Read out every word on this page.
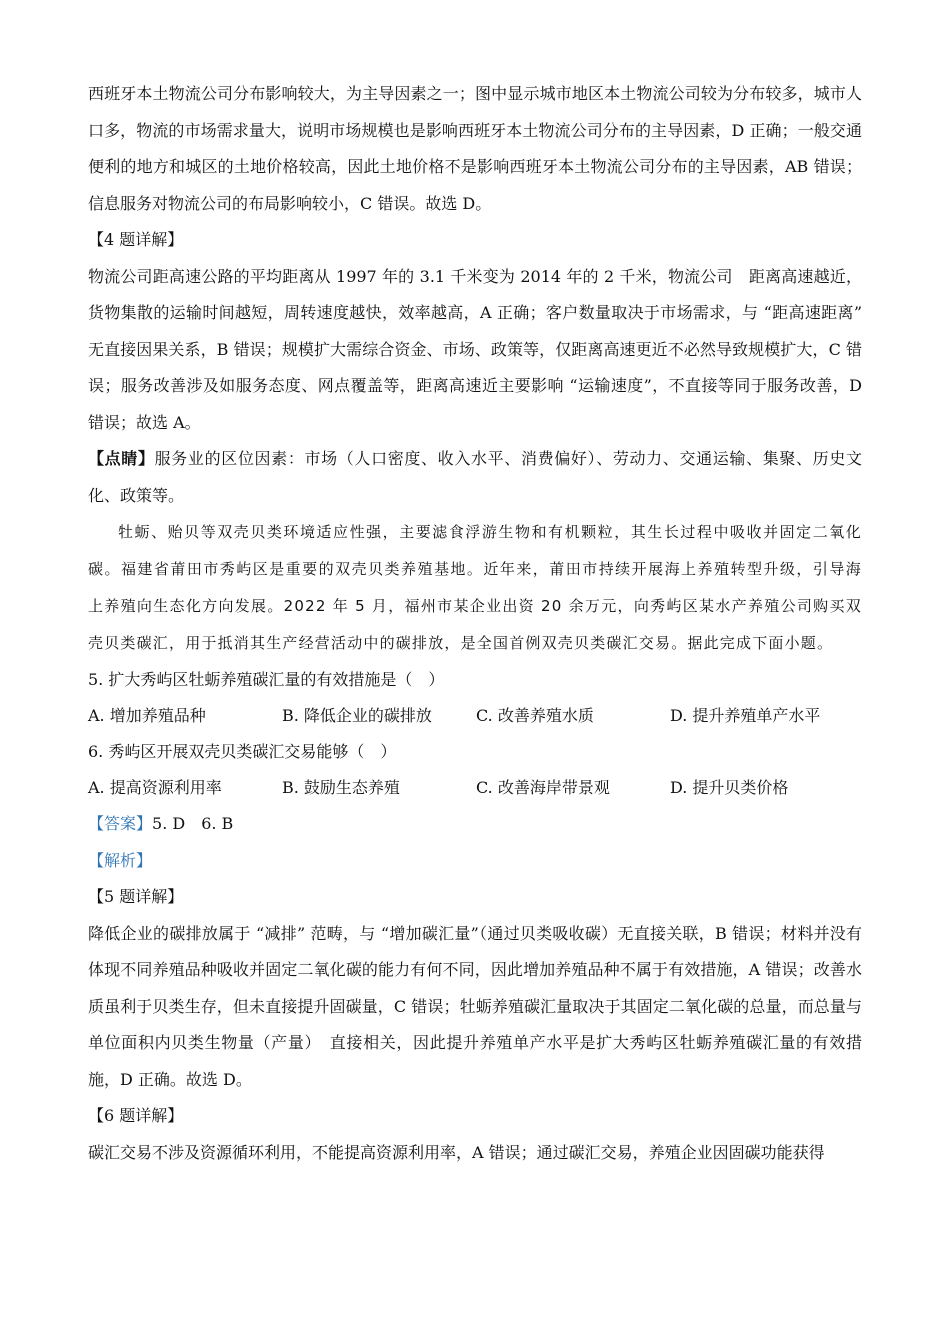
西班牙本土物流公司分布影响较大，为主导因素之一；图中显示城市地区本土物流公司较为分布较多，城市人口多，物流的市场需求量大，说明市场规模也是影响西班牙本土物流公司分布的主导因素，D 正确；一般交通便利的地方和城区的土地价格较高，因此土地价格不是影响西班牙本土物流公司分布的主导因素，AB 错误；信息服务对物流公司的布局影响较小，C 错误。故选 D。

【4 题详解】

物流公司距高速公路的平均距离从 1997 年的 3.1 千米变为 2014 年的 2 千米，物流公司　距离高速越近，货物集散的运输时间越短，周转速度越快，效率越高，A 正确；客户数量取决于市场需求，与 “距高速距离” 无直接因果关系，B 错误；规模扩大需综合资金、市场、政策等，仅距离高速更近不必然导致规模扩大，C 错误；服务改善涉及如服务态度、网点覆盖等，距离高速近主要影响 “运输速度”，不直接等同于服务改善，D 错误；故选 A。

【点睛】服务业的区位因素：市场（人口密度、收入水平、消费偏好）、劳动力、交通运输、集聚、历史文化、政策等。

牡蛎、贻贝等双壳贝类环境适应性强，主要滤食浮游生物和有机颗粒，其生长过程中吸收并固定二氧化碳。福建省莆田市秀屿区是重要的双壳贝类养殖基地。近年来，莆田市持续开展海上养殖转型升级，引导海上养殖向生态化方向发展。2022 年 5 月，福州市某企业出资 20 余万元，向秀屿区某水产养殖公司购买双壳贝类碳汇，用于抵消其生产经营活动中的碳排放，是全国首例双壳贝类碳汇交易。据此完成下面小题。

5. 扩大秀屿区牡蛎养殖碳汇量的有效措施是（　）

A. 增加养殖品种	B. 降低企业的碳排放	C. 改善养殖水质	D. 提升养殖单产水平

6. 秀屿区开展双壳贝类碳汇交易能够（　）

A. 提高资源利用率	B. 鼓励生态养殖	C. 改善海岸带景观	D. 提升贝类价格

【答案】5. D　6. B

【解析】

【5 题详解】

降低企业的碳排放属于 “减排” 范畴，与 “增加碳汇量”（通过贝类吸收碳）无直接关联，B 错误；材料并没有体现不同养殖品种吸收并固定二氧化碳的能力有何不同，因此增加养殖品种不属于有效措施，A 错误；改善水质虽利于贝类生存，但未直接提升固碳量，C 错误；牡蛎养殖碳汇量取决于其固定二氧化碳的总量，而总量与单位面积内贝类生物量（产量）　直接相关，因此提升养殖单产水平是扩大秀屿区牡蛎养殖碳汇量的有效措施，D 正确。故选 D。

【6 题详解】

碳汇交易不涉及资源循环利用，不能提高资源利用率，A 错误；通过碳汇交易，养殖企业因固碳功能获得
